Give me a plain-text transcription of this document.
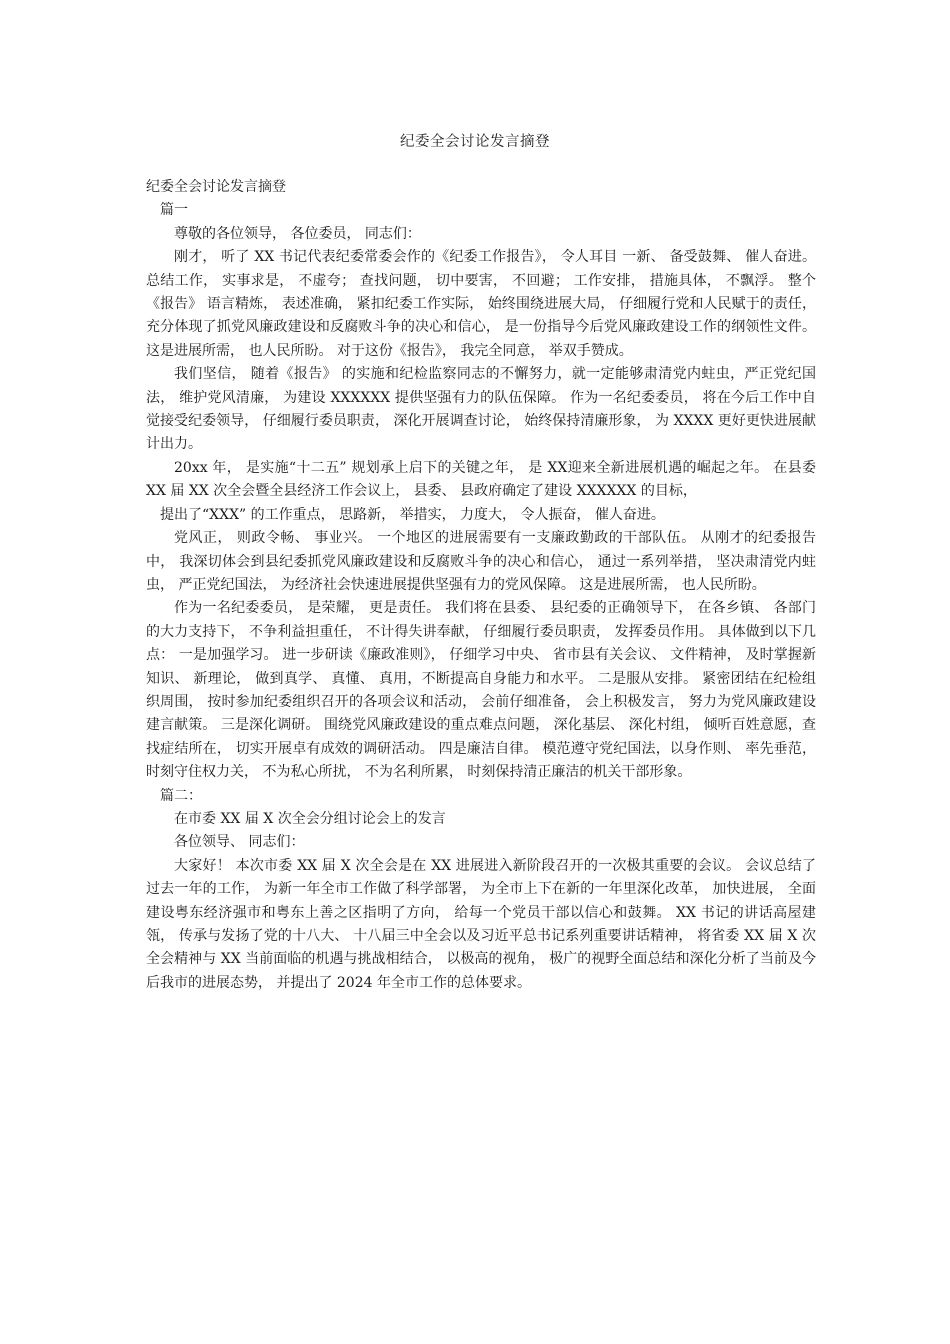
纪委全会讨论发言摘登

纪委全会讨论发言摘登

篇一

尊敬的各位领导， 各位委员， 同志们：

刚才， 听了 XX 书记代表纪委常委会作的《纪委工作报告》， 令人耳目 一新、 备受鼓舞、 催人奋进。 总结工作， 实事求是， 不虚夸； 查找问题， 切中要害， 不回避； 工作安排， 措施具体， 不飘浮。 整个《报告》 语言精炼， 表述准确， 紧扣纪委工作实际， 始终围绕进展大局， 仔细履行党和人民赋于的责任， 充分体现了抓党风廉政建设和反腐败斗争的决心和信心， 是一份指导今后党风廉政建设工作的纲领性文件。 这是进展所需， 也人民所盼。 对于这份《报告》， 我完全同意， 举双手赞成。

我们坚信， 随着《报告》 的实施和纪检监察同志的不懈努力，就一定能够肃清党内蛀虫，严正党纪国法， 维护党风清廉， 为建设 XXXXXX 提供坚强有力的队伍保障。 作为一名纪委委员， 将在今后工作中自觉接受纪委领导， 仔细履行委员职责， 深化开展调查讨论， 始终保持清廉形象， 为 XXXX 更好更快进展献计出力。

20xx 年， 是实施“十二五” 规划承上启下的关键之年， 是 XX迎来全新进展机遇的崛起之年。 在县委 XX 届 XX 次全会暨全县经济工作会议上， 县委、 县政府确定了建设 XXXXXX 的目标，

提出了“XXX” 的工作重点， 思路新， 举措实， 力度大， 令人振奋， 催人奋进。

党风正， 则政令畅、 事业兴。 一个地区的进展需要有一支廉政勤政的干部队伍。 从刚才的纪委报告中， 我深切体会到县纪委抓党风廉政建设和反腐败斗争的决心和信心， 通过一系列举措， 坚决肃清党内蛀虫， 严正党纪国法， 为经济社会快速进展提供坚强有力的党风保障。 这是进展所需， 也人民所盼。

作为一名纪委委员， 是荣耀， 更是责任。 我们将在县委、 县纪委的正确领导下， 在各乡镇、 各部门的大力支持下， 不争利益担重任， 不计得失讲奉献， 仔细履行委员职责， 发挥委员作用。 具体做到以下几点： 一是加强学习。 进一步研读《廉政准则》， 仔细学习中央、 省市县有关会议、 文件精神， 及时掌握新知识、 新理论， 做到真学、 真懂、 真用，不断提高自身能力和水平。 二是服从安排。 紧密团结在纪检组织周围， 按时参加纪委组织召开的各项会议和活动， 会前仔细准备， 会上积极发言， 努力为党风廉政建设建言献策。 三是深化调研。 围绕党风廉政建设的重点难点问题， 深化基层、 深化村组， 倾听百姓意愿，查找症结所在， 切实开展卓有成效的调研活动。 四是廉洁自律。 模范遵守党纪国法，以身作则、 率先垂范， 时刻守住权力关， 不为私心所扰， 不为名利所累， 时刻保持清正廉洁的机关干部形象。

篇二：

在市委 XX 届 X 次全会分组讨论会上的发言

各位领导、 同志们：

大家好！ 本次市委 XX 届 X 次全会是在 XX 进展进入新阶段召开的一次极其重要的会议。 会议总结了过去一年的工作， 为新一年全市工作做了科学部署， 为全市上下在新的一年里深化改革， 加快进展， 全面建设粤东经济强市和粤东上善之区指明了方向， 给每一个党员干部以信心和鼓舞。 XX 书记的讲话高屋建瓴， 传承与发扬了党的十八大、 十八届三中全会以及习近平总书记系列重要讲话精神， 将省委 XX 届 X 次全会精神与 XX 当前面临的机遇与挑战相结合， 以极高的视角， 极广的视野全面总结和深化分析了当前及今后我市的进展态势， 并提出了 2024 年全市工作的总体要求。
